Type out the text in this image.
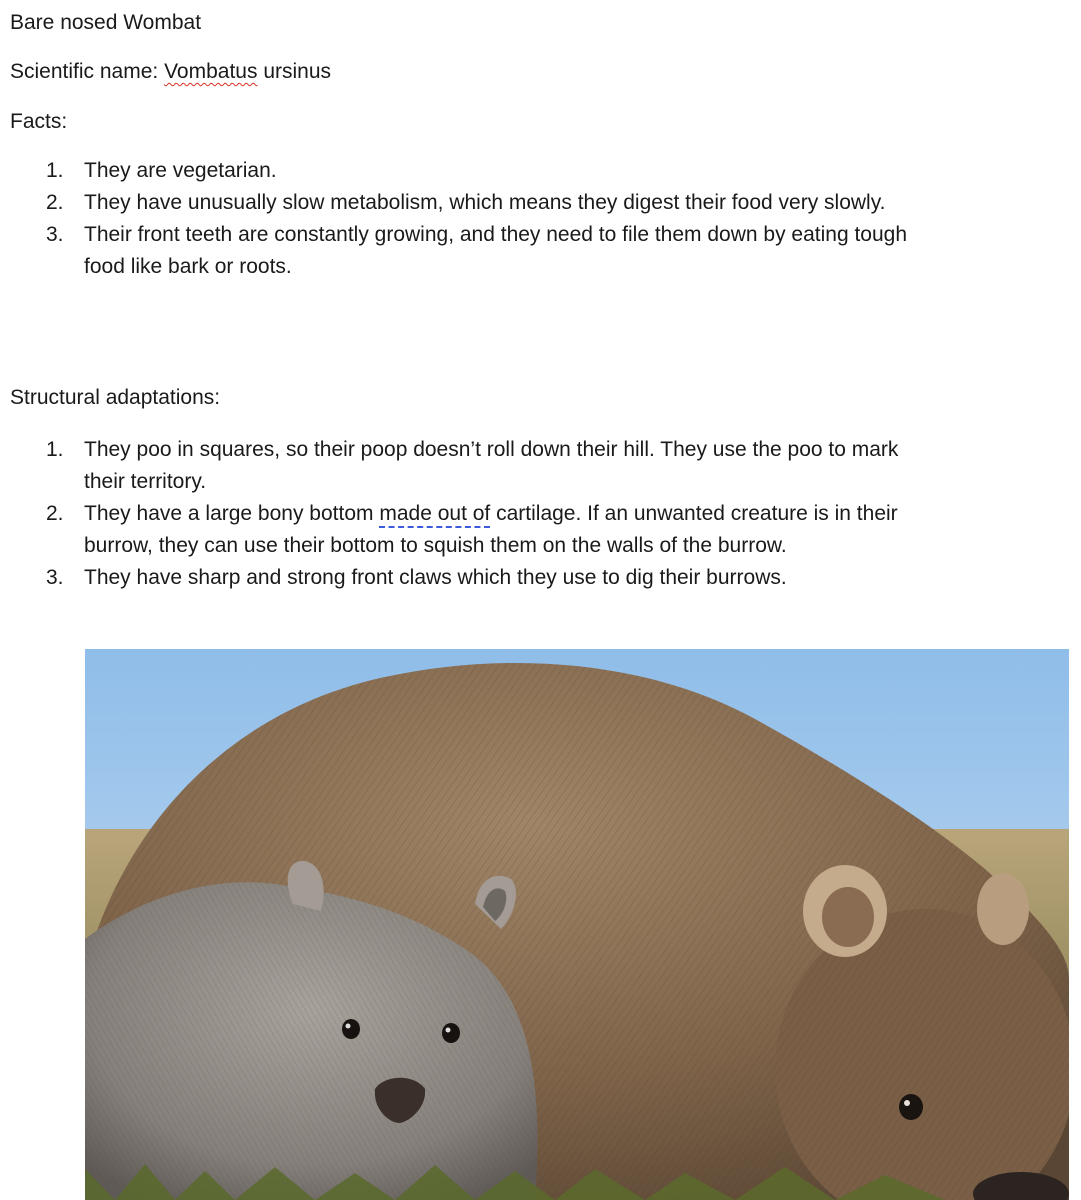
Bare nosed Wombat

Scientific name: Vombatus ursinus

Facts:

1. They are vegetarian.
2. They have unusually slow metabolism, which means they digest their food very slowly.
3. Their front teeth are constantly growing, and they need to file them down by eating tough food like bark or roots.

Structural adaptations:

1. They poo in squares, so their poop doesn’t roll down their hill. They use the poo to mark their territory.
2. They have a large bony bottom made out of cartilage. If an unwanted creature is in their burrow, they can use their bottom to squish them on the walls of the burrow.
3. They have sharp and strong front claws which they use to dig their burrows.
